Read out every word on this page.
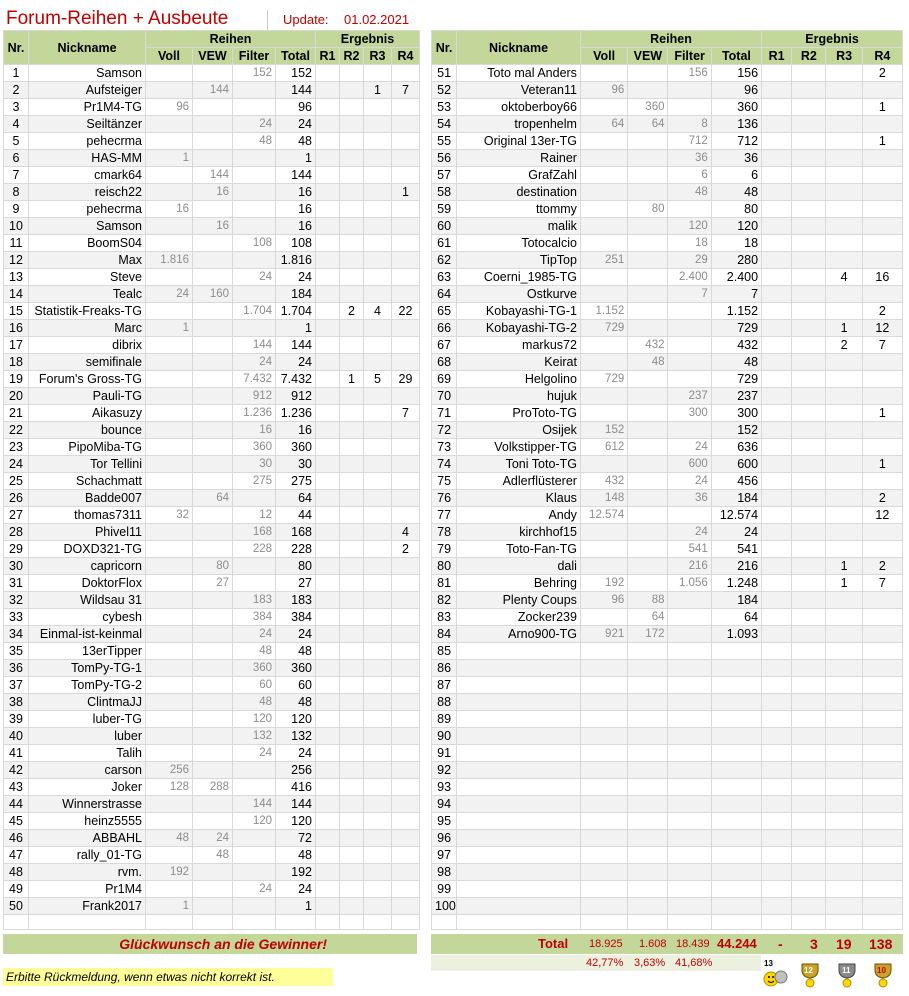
Forum-Reihen + Ausbeute	Update: 01.02.2021
Nr.	Nickname	Reihen				Ergebnis			
		Voll	VEW	Filter	Total	R1	R2	R3	R4
1	Samson			152	152				
2	Aufsteiger		144		144			1	7
3	Pr1M4-TG	96			96				
4	Seiltänzer			24	24				
5	pehecrma			48	48				
6	HAS-MM	1			1				
7	cmark64		144		144				
8	reisch22		16		16				1
9	pehecrma	16			16				
10	Samson		16		16				
11	BoomS04			108	108				
12	Max	1.816			1.816				
13	Steve			24	24				
14	Tealc	24	160		184				
15	Statistik-Freaks-TG			1.704	1.704		2	4	22
16	Marc	1			1				
17	dibrix			144	144				
18	semifinale			24	24				
19	Forum's Gross-TG			7.432	7.432		1	5	29
20	Pauli-TG			912	912				
21	Aikasuzy			1.236	1.236				7
22	bounce			16	16				
23	PipoMiba-TG			360	360				
24	Tor Tellini			30	30				
25	Schachmatt			275	275				
26	Badde007		64		64				
27	thomas7311	32		12	44				
28	Phivel11			168	168				4
29	DOXD321-TG			228	228				2
30	capricorn		80		80				
31	DoktorFlox		27		27				
32	Wildsau 31			183	183				
33	cybesh			384	384				
34	Einmal-ist-keinmal			24	24				
35	13erTipper			48	48				
36	TomPy-TG-1			360	360				
37	TomPy-TG-2			60	60				
38	ClintmaJJ			48	48				
39	luber-TG			120	120				
40	luber			132	132				
41	Talih			24	24				
42	carson	256			256				
43	Joker	128	288		416				
44	Winnerstrasse			144	144				
45	heinz5555			120	120				
46	ABBAHL	48	24		72				
47	rally_01-TG		48		48				
48	rvm.	192			192				
49	Pr1M4			24	24				
50	Frank2017	1			1				

Nr.	Nickname	Reihen				Ergebnis			
		Voll	VEW	Filter	Total	R1	R2	R3	R4
51	Toto mal Anders			156	156				2
52	Veteran11	96			96				
53	oktoberboy66		360		360				1
54	tropenhelm	64	64	8	136				
55	Original 13er-TG			712	712				1
56	Rainer			36	36				
57	GrafZahl			6	6				
58	destination			48	48				
59	ttommy		80		80				
60	malik			120	120				
61	Totocalcio			18	18				
62	TipTop	251		29	280				
63	Coerni_1985-TG			2.400	2.400			4	16
64	Ostkurve			7	7				
65	Kobayashi-TG-1	1.152			1.152				2
66	Kobayashi-TG-2	729			729			1	12
67	markus72		432		432			2	7
68	Keirat		48		48				
69	Helgolino	729			729				
70	hujuk			237	237				
71	ProToto-TG			300	300				1
72	Osijek	152			152				
73	Volkstipper-TG	612		24	636				
74	Toni Toto-TG			600	600				1
75	Adlerflüsterer	432		24	456				
76	Klaus	148		36	184				2
77	Andy	12.574			12.574				12
78	kirchhof15			24	24				
79	Toto-Fan-TG			541	541				
80	dali			216	216			1	2
81	Behring	192		1.056	1.248			1	7
82	Plenty Coups	96	88		184				
83	Zocker239		64		64				
84	Arno900-TG	921	172		1.093				
85									
86									
87									
88									
89									
90									
91									
92									
93									
94									
95									
96									
97									
98									
99									
100									

Glückwunsch an die Gewinner!	Total 18.925 1.608 18.439 44.244 - 3 19 138
42,77% 3,63% 41,68%
Erbitte Rückmeldung, wenn etwas nicht korrekt ist.
13
12	11	10
